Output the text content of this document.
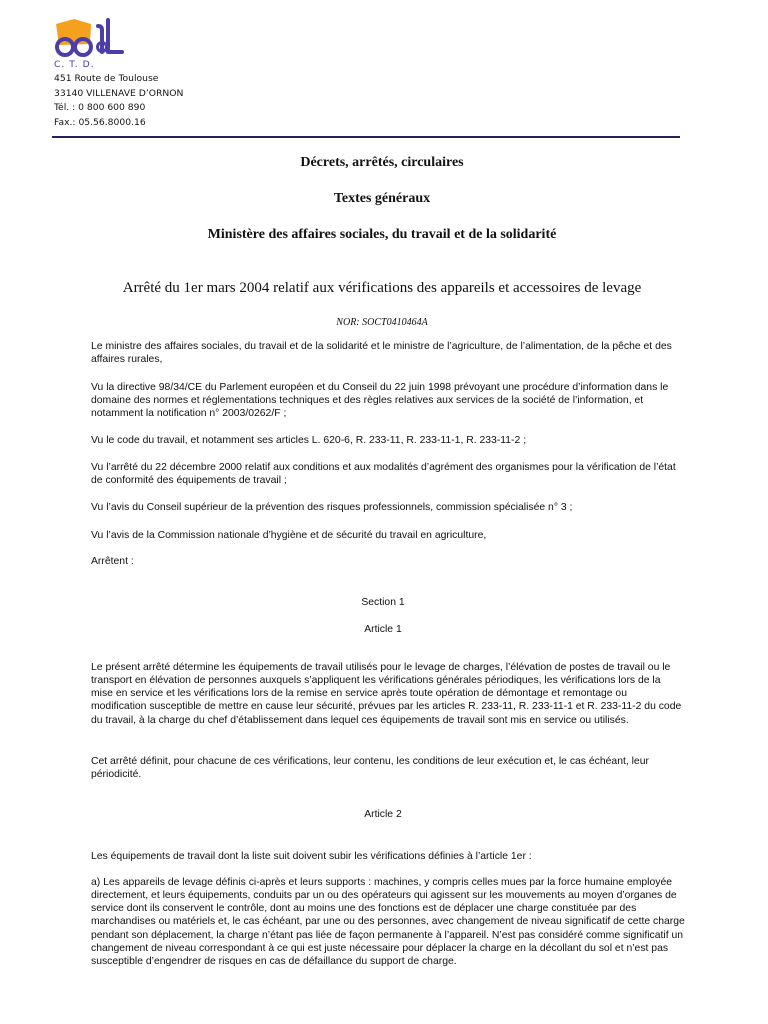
C. T. D.
451 Route de Toulouse
33140 VILLENAVE D’ORNON
Tél. : 0 800 600 890
Fax.: 05.56.8000.16
Décrets, arrêtés, circulaires
Textes généraux
Ministère des affaires sociales, du travail et de la solidarité
Arrêté du 1er mars 2004 relatif aux vérifications des appareils et accessoires de levage
NOR: SOCT0410464A
Le ministre des affaires sociales, du travail et de la solidarité et le ministre de l’agriculture, de l’alimentation, de la pêche et des affaires rurales,
Vu la directive 98/34/CE du Parlement européen et du Conseil du 22 juin 1998 prévoyant une procédure d’information dans le domaine des normes et réglementations techniques et des règles relatives aux services de la société de l’information, et notamment la notification n° 2003/0262/F ;
Vu le code du travail, et notamment ses articles L. 620-6, R. 233-11, R. 233-11-1, R. 233-11-2 ;
Vu l’arrêté du 22 décembre 2000 relatif aux conditions et aux modalités d’agrément des organismes pour la vérification de l’état de conformité des équipements de travail ;
Vu l’avis du Conseil supérieur de la prévention des risques professionnels, commission spécialisée n° 3 ;
Vu l’avis de la Commission nationale d’hygiène et de sécurité du travail en agriculture,
Arrêtent :
Section 1
Article 1
Le présent arrêté détermine les équipements de travail utilisés pour le levage de charges, l’élévation de postes de travail ou le transport en élévation de personnes auxquels s’appliquent les vérifications générales périodiques, les vérifications lors de la mise en service et les vérifications lors de la remise en service après toute opération de démontage et remontage ou modification susceptible de mettre en cause leur sécurité, prévues par les articles R. 233-11, R. 233-11-1 et R. 233-11-2 du code du travail, à la charge du chef d’établissement dans lequel ces équipements de travail sont mis en service ou utilisés.
Cet arrêté définit, pour chacune de ces vérifications, leur contenu, les conditions de leur exécution et, le cas échéant, leur périodicité.
Article 2
Les équipements de travail dont la liste suit doivent subir les vérifications définies à l’article 1er :
a) Les appareils de levage définis ci-après et leurs supports : machines, y compris celles mues par la force humaine employée directement, et leurs équipements, conduits par un ou des opérateurs qui agissent sur les mouvements au moyen d’organes de service dont ils conservent le contrôle, dont au moins une des fonctions est de déplacer une charge constituée par des marchandises ou matériels et, le cas échéant, par une ou des personnes, avec changement de niveau significatif de cette charge pendant son déplacement, la charge n’étant pas liée de façon permanente à l’appareil. N’est pas considéré comme significatif un changement de niveau correspondant à ce qui est juste nécessaire pour déplacer la charge en la décollant du sol et n’est pas susceptible d’engendrer de risques en cas de défaillance du support de charge.
